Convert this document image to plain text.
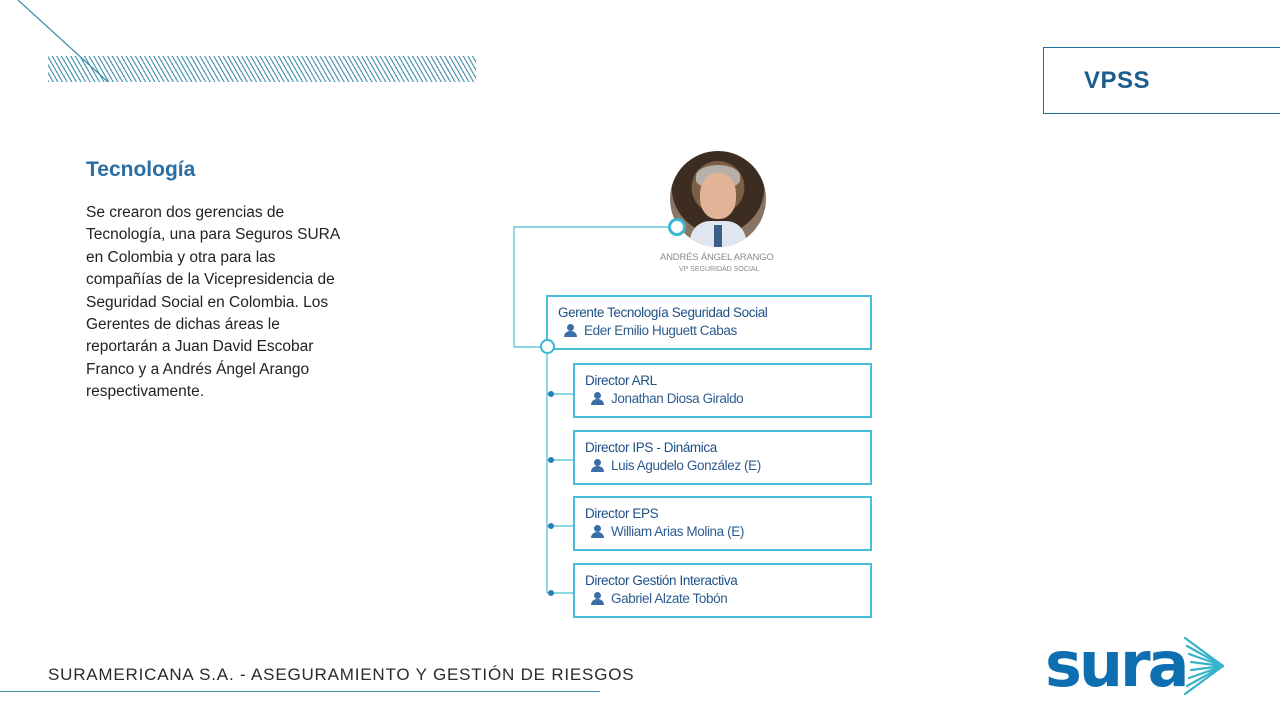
VPSS
Tecnología

Se crearon dos gerencias de Tecnología, una para Seguros SURA en Colombia y otra para las compañías de la Vicepresidencia de Seguridad Social en Colombia. Los Gerentes de dichas áreas le reportarán a Juan David Escobar Franco y a Andrés Ángel Arango respectivamente.

ANDRÉS ÁNGEL ARANGO
VP SEGURIDAD SOCIAL
Gerente Tecnología Seguridad Social
Eder Emilio Huguett Cabas
Director ARL
Jonathan Diosa Giraldo
Director IPS - Dinámica
Luis Agudelo González (E)
Director EPS
William Arias Molina (E)
Director Gestión Interactiva
Gabriel Alzate Tobón
SURAMERICANA S.A. - ASEGURAMIENTO Y GESTIÓN DE RIESGOS	sura
